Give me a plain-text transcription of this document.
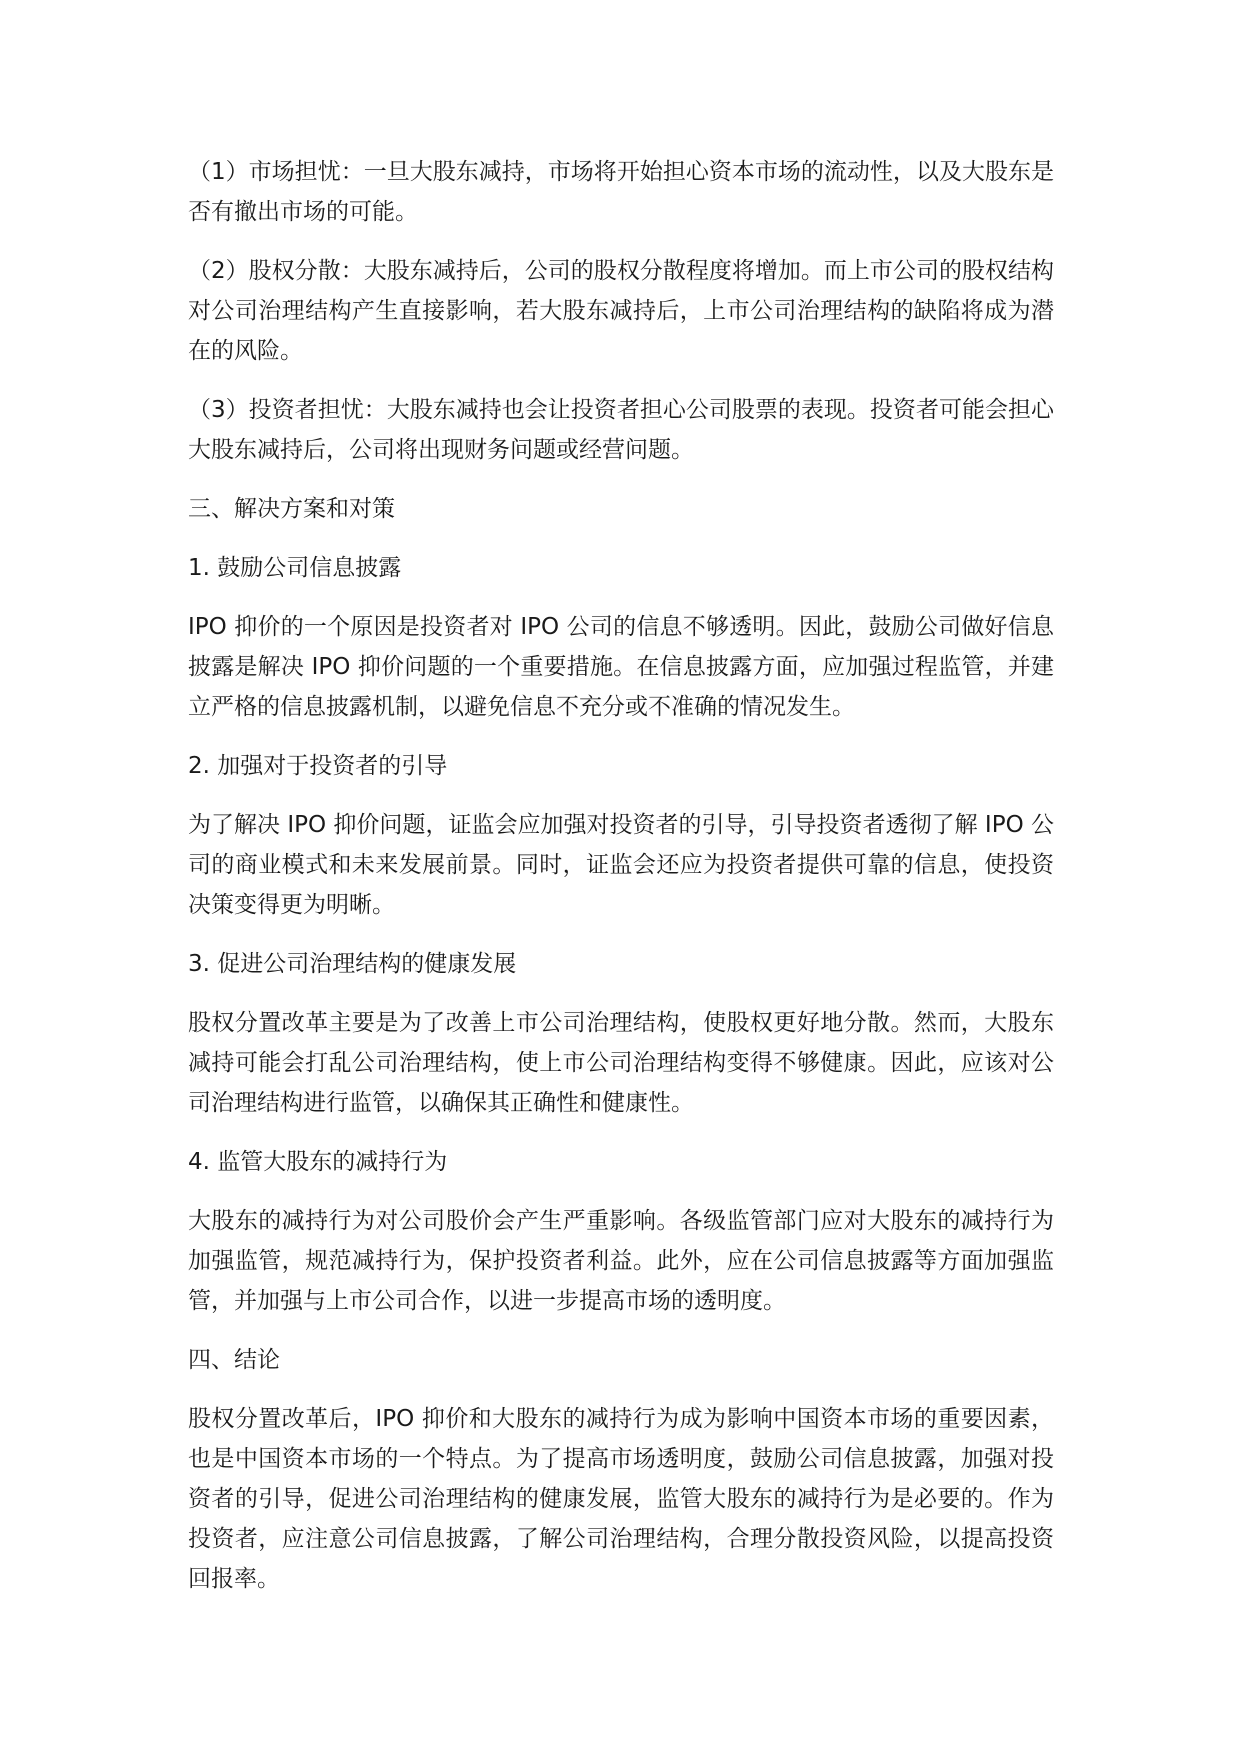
（1）市场担忧：一旦大股东减持，市场将开始担心资本市场的流动性，以及大股东是否有撤出市场的可能。

（2）股权分散：大股东减持后，公司的股权分散程度将增加。而上市公司的股权结构对公司治理结构产生直接影响，若大股东减持后，上市公司治理结构的缺陷将成为潜在的风险。

（3）投资者担忧：大股东减持也会让投资者担心公司股票的表现。投资者可能会担心大股东减持后，公司将出现财务问题或经营问题。

三、解决方案和对策

1. 鼓励公司信息披露

IPO 抑价的一个原因是投资者对 IPO 公司的信息不够透明。因此，鼓励公司做好信息披露是解决 IPO 抑价问题的一个重要措施。在信息披露方面，应加强过程监管，并建立严格的信息披露机制，以避免信息不充分或不准确的情况发生。

2. 加强对于投资者的引导

为了解决 IPO 抑价问题，证监会应加强对投资者的引导，引导投资者透彻了解 IPO 公司的商业模式和未来发展前景。同时，证监会还应为投资者提供可靠的信息，使投资决策变得更为明晰。

3. 促进公司治理结构的健康发展

股权分置改革主要是为了改善上市公司治理结构，使股权更好地分散。然而，大股东减持可能会打乱公司治理结构，使上市公司治理结构变得不够健康。因此，应该对公司治理结构进行监管，以确保其正确性和健康性。

4. 监管大股东的减持行为

大股东的减持行为对公司股价会产生严重影响。各级监管部门应对大股东的减持行为加强监管，规范减持行为，保护投资者利益。此外，应在公司信息披露等方面加强监管，并加强与上市公司合作，以进一步提高市场的透明度。

四、结论

股权分置改革后，IPO 抑价和大股东的减持行为成为影响中国资本市场的重要因素，也是中国资本市场的一个特点。为了提高市场透明度，鼓励公司信息披露，加强对投资者的引导，促进公司治理结构的健康发展，监管大股东的减持行为是必要的。作为投资者，应注意公司信息披露，了解公司治理结构，合理分散投资风险，以提高投资回报率。
